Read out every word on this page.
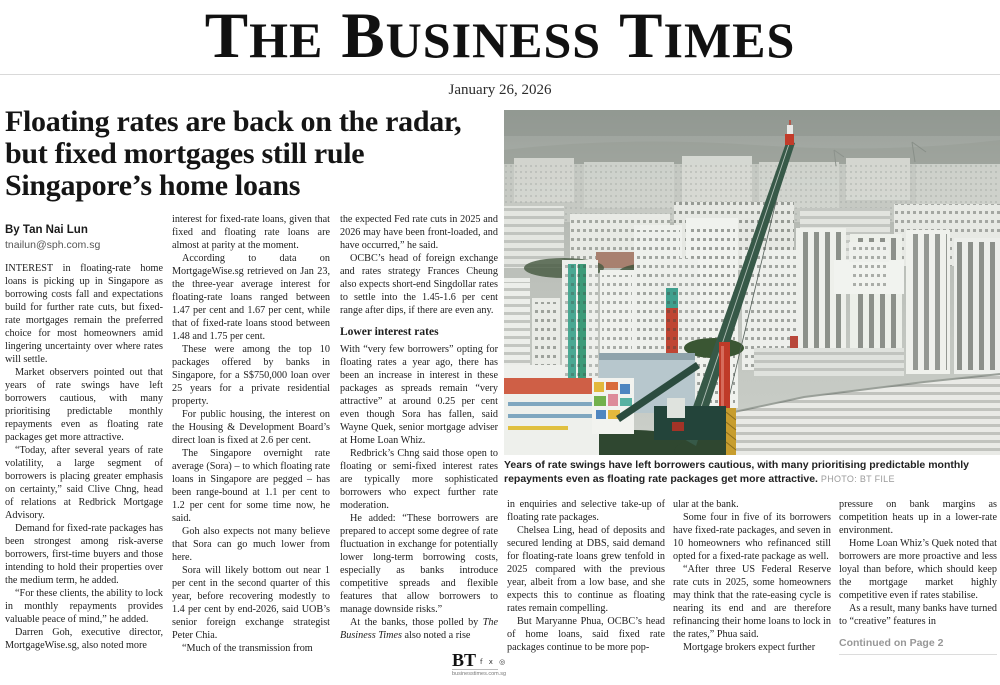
THE BUSINESS TIMES
January 26, 2026
Floating rates are back on the radar, but fixed mortgages still rule Singapore’s home loans
By Tan Nai Lun
tnailun@sph.com.sg

INTEREST in floating-rate home loans is picking up in Singapore as borrowing costs fall and expectations build for further rate cuts, but fixed-rate mortgages remain the preferred choice for most homeowners amid lingering uncertainty over where rates will settle.

Market observers pointed out that years of rate swings have left borrowers cautious, with many prioritising predictable monthly repayments even as floating rate packages get more attractive.

“Today, after several years of rate volatility, a large segment of borrowers is placing greater emphasis on certainty,” said Clive Chng, head of relations at Redbrick Mortgage Advisory.

Demand for fixed-rate packages has been strongest among risk-averse borrowers, first-time buyers and those intending to hold their properties over the medium term, he added.

“For these clients, the ability to lock in monthly repayments provides valuable peace of mind,” he added.

Darren Goh, executive director, MortgageWise.sg, also noted more

interest for fixed-rate loans, given that fixed and floating rate loans are almost at parity at the moment.

According to data on MortgageWise.sg retrieved on Jan 23, the three-year average interest for floating-rate loans ranged between 1.47 per cent and 1.67 per cent, while that of fixed-rate loans stood between 1.48 and 1.75 per cent.

These were among the top 10 packages offered by banks in Singapore, for a S$750,000 loan over 25 years for a private residential property.

For public housing, the interest on the Housing & Development Board’s direct loan is fixed at 2.6 per cent.

The Singapore overnight rate average (Sora) – to which floating rate loans in Singapore are pegged – has been range-bound at 1.1 per cent to 1.2 per cent for some time now, he said.

Goh also expects not many believe that Sora can go much lower from here.

Sora will likely bottom out near 1 per cent in the second quarter of this year, before recovering modestly to 1.4 per cent by end-2026, said UOB’s senior foreign exchange strategist Peter Chia.

“Much of the transmission from

the expected Fed rate cuts in 2025 and 2026 may have been front-loaded, and have occurred,” he said.

OCBC’s head of foreign exchange and rates strategy Frances Cheung also expects short-end Singdollar rates to settle into the 1.45-1.6 per cent range after dips, if there are even any.

Lower interest rates

With “very few borrowers” opting for floating rates a year ago, there has been an increase in interest in these packages as spreads remain “very attractive” at around 0.25 per cent even though Sora has fallen, said Wayne Quek, senior mortgage adviser at Home Loan Whiz.

Redbrick’s Chng said those open to floating or semi-fixed interest rates are typically more sophisticated borrowers who expect further rate moderation.

He added: “These borrowers are prepared to accept some degree of rate fluctuation in exchange for potentially lower long-term borrowing costs, especially as banks introduce competitive spreads and flexible features that allow borrowers to manage downside risks.”

At the banks, those polled by The Business Times also noted a rise

in enquiries and selective take-up of floating rate packages.

Chelsea Ling, head of deposits and secured lending at DBS, said demand for floating-rate loans grew tenfold in 2025 compared with the previous year, albeit from a low base, and she expects this to continue as floating rates remain compelling.

But Maryanne Phua, OCBC’s head of home loans, said fixed rate packages continue to be more pop-

ular at the bank.

Some four in five of its borrowers have fixed-rate packages, and seven in 10 homeowners who refinanced still opted for a fixed-rate package as well.

“After three US Federal Reserve rate cuts in 2025, some homeowners may think that the rate-easing cycle is nearing its end and are therefore refinancing their home loans to lock in the rates,” Phua said.

Mortgage brokers expect further

pressure on bank margins as competition heats up in a lower-rate environment.

Home Loan Whiz’s Quek noted that borrowers are more proactive and less loyal than before, which should keep the mortgage market highly competitive even if rates stabilise.

As a result, many banks have turned to “creative” features in

Continued on Page 2
Years of rate swings have left borrowers cautious, with many prioritising predictable monthly repayments even as floating rate packages get more attractive. PHOTO: BT FILE
BT f x ◎
businesstimes.com.sg
